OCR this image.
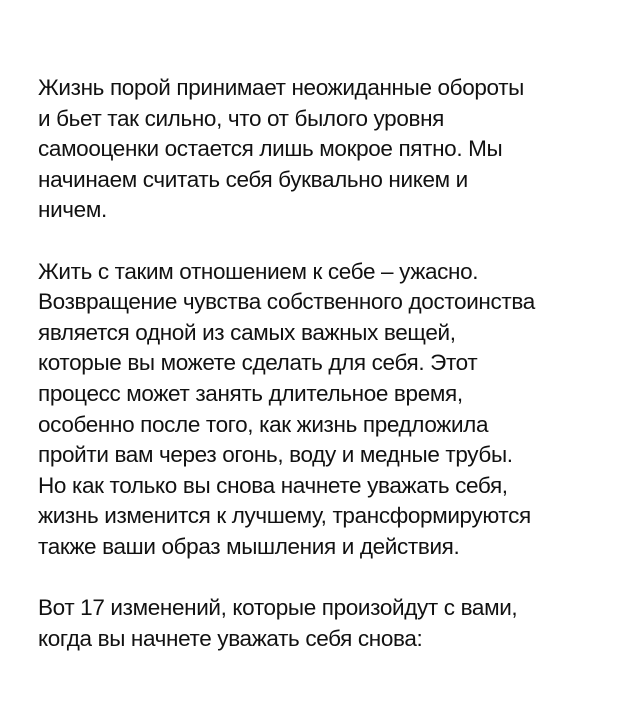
Жизнь порой принимает неожиданные обороты
и бьет так сильно, что от былого уровня
самооценки остается лишь мокрое пятно. Мы
начинаем считать себя буквально никем и
ничем.

Жить с таким отношением к себе – ужасно.
Возвращение чувства собственного достоинства
является одной из самых важных вещей,
которые вы можете сделать для себя. Этот
процесс может занять длительное время,
особенно после того, как жизнь предложила
пройти вам через огонь, воду и медные трубы.
Но как только вы снова начнете уважать себя,
жизнь изменится к лучшему, трансформируются
также ваши образ мышления и действия.

Вот 17 изменений, которые произойдут с вами,
когда вы начнете уважать себя снова:
